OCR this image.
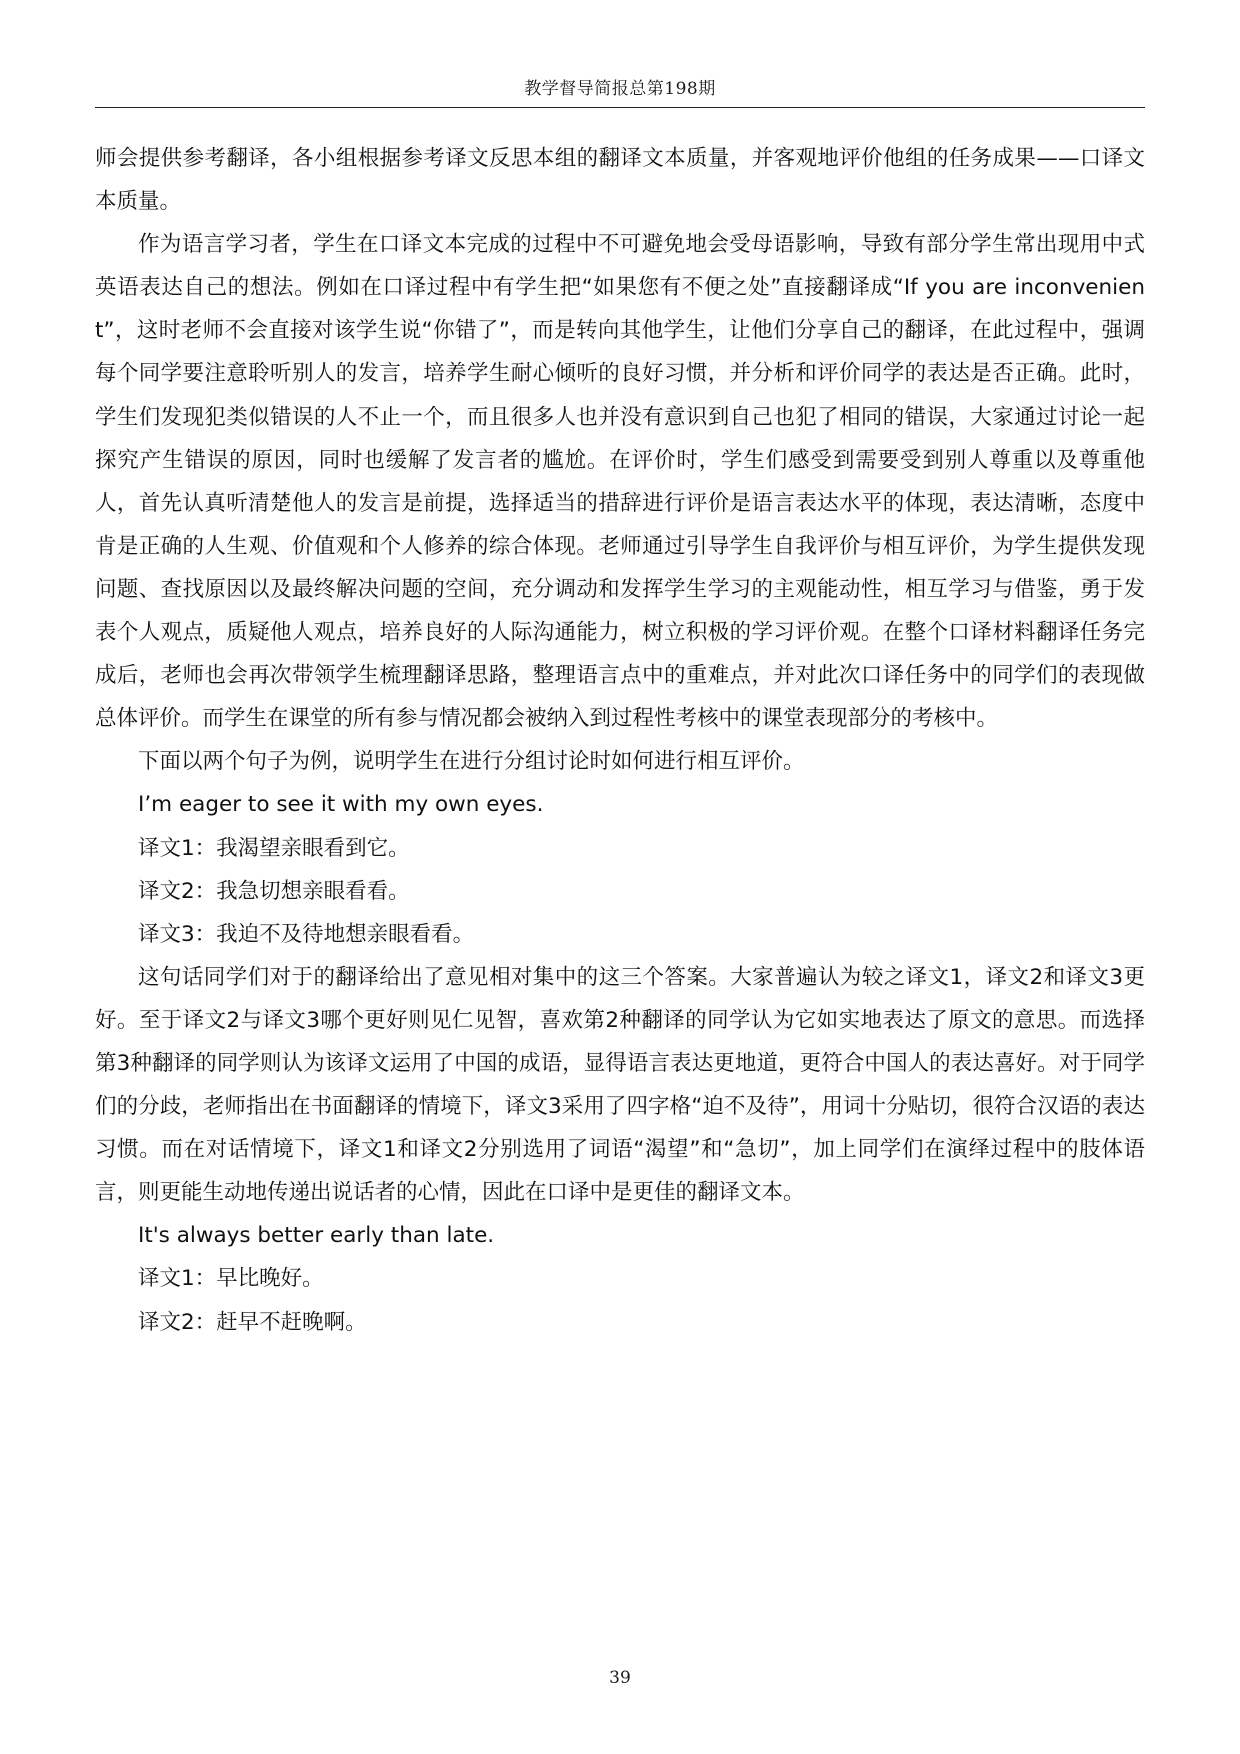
教学督导简报总第198期

师会提供参考翻译，各小组根据参考译文反思本组的翻译文本质量，并客观地评价他组的任务成果——口译文本质量。

作为语言学习者，学生在口译文本完成的过程中不可避免地会受母语影响，导致有部分学生常出现用中式英语表达自己的想法。例如在口译过程中有学生把“如果您有不便之处”直接翻译成“If you are inconvenient”，这时老师不会直接对该学生说“你错了”，而是转向其他学生，让他们分享自己的翻译，在此过程中，强调每个同学要注意聆听别人的发言，培养学生耐心倾听的良好习惯，并分析和评价同学的表达是否正确。此时，学生们发现犯类似错误的人不止一个，而且很多人也并没有意识到自己也犯了相同的错误，大家通过讨论一起探究产生错误的原因，同时也缓解了发言者的尴尬。在评价时，学生们感受到需要受到别人尊重以及尊重他人，首先认真听清楚他人的发言是前提，选择适当的措辞进行评价是语言表达水平的体现，表达清晰，态度中肯是正确的人生观、价值观和个人修养的综合体现。老师通过引导学生自我评价与相互评价，为学生提供发现问题、查找原因以及最终解决问题的空间，充分调动和发挥学生学习的主观能动性，相互学习与借鉴，勇于发表个人观点，质疑他人观点，培养良好的人际沟通能力，树立积极的学习评价观。在整个口译材料翻译任务完成后，老师也会再次带领学生梳理翻译思路，整理语言点中的重难点，并对此次口译任务中的同学们的表现做总体评价。而学生在课堂的所有参与情况都会被纳入到过程性考核中的课堂表现部分的考核中。

下面以两个句子为例，说明学生在进行分组讨论时如何进行相互评价。

I’m eager to see it with my own eyes.

译文1：我渴望亲眼看到它。

译文2：我急切想亲眼看看。

译文3：我迫不及待地想亲眼看看。

这句话同学们对于的翻译给出了意见相对集中的这三个答案。大家普遍认为较之译文1，译文2和译文3更好。至于译文2与译文3哪个更好则见仁见智，喜欢第2种翻译的同学认为它如实地表达了原文的意思。而选择第3种翻译的同学则认为该译文运用了中国的成语，显得语言表达更地道，更符合中国人的表达喜好。对于同学们的分歧，老师指出在书面翻译的情境下，译文3采用了四字格“迫不及待”，用词十分贴切，很符合汉语的表达习惯。而在对话情境下，译文1和译文2分别选用了词语“渴望”和“急切”，加上同学们在演绎过程中的肢体语言，则更能生动地传递出说话者的心情，因此在口译中是更佳的翻译文本。

It's always better early than late.

译文1：早比晚好。

译文2：赶早不赶晚啊。

39
